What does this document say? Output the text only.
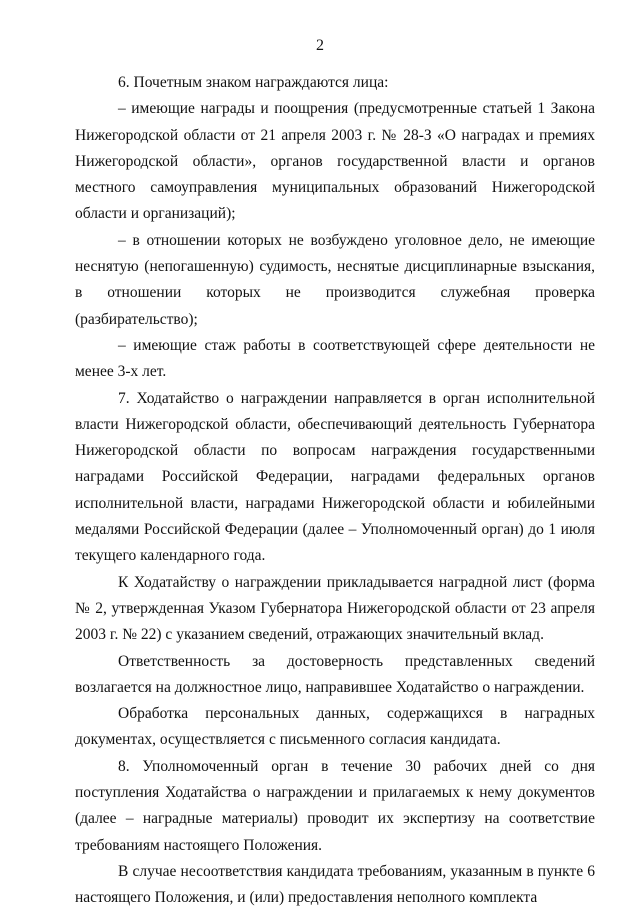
2

6. Почетным знаком награждаются лица:

– имеющие награды и поощрения (предусмотренные статьей 1 Закона Нижегородской области от 21 апреля 2003 г. № 28-З «О наградах и премиях Нижегородской области», органов государственной власти и органов местного самоуправления муниципальных образований Нижегородской области и организаций);

– в отношении которых не возбуждено уголовное дело, не имеющие неснятую (непогашенную) судимость, неснятые дисциплинарные взыскания, в отношении которых не производится служебная проверка (разбирательство);

– имеющие стаж работы в соответствующей сфере деятельности не менее 3-х лет.

7. Ходатайство о награждении направляется в орган исполнительной власти Нижегородской области, обеспечивающий деятельность Губернатора Нижегородской области по вопросам награждения государственными наградами Российской Федерации, наградами федеральных органов исполнительной власти, наградами Нижегородской области и юбилейными медалями Российской Федерации (далее – Уполномоченный орган) до 1 июля текущего календарного года.

К Ходатайству о награждении прикладывается наградной лист (форма № 2, утвержденная Указом Губернатора Нижегородской области от 23 апреля 2003 г. № 22) с указанием сведений, отражающих значительный вклад.

Ответственность за достоверность представленных сведений возлагается на должностное лицо, направившее Ходатайство о награждении.

Обработка персональных данных, содержащихся в наградных документах, осуществляется с письменного согласия кандидата.

8. Уполномоченный орган в течение 30 рабочих дней со дня поступления Ходатайства о награждении и прилагаемых к нему документов (далее – наградные материалы) проводит их экспертизу на соответствие требованиям настоящего Положения.

В случае несоответствия кандидата требованиям, указанным в пункте 6 настоящего Положения, и (или) предоставления неполного комплекта
